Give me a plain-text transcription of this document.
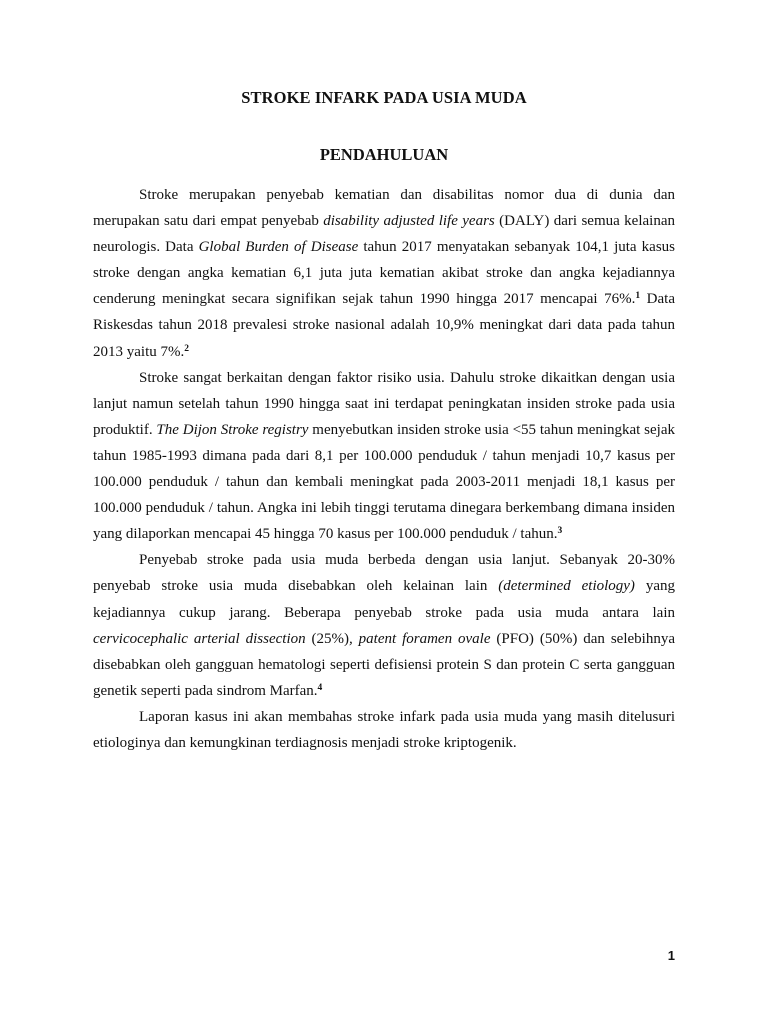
STROKE INFARK PADA USIA MUDA
PENDAHULUAN

Stroke merupakan penyebab kematian dan disabilitas nomor dua di dunia dan merupakan satu dari empat penyebab disability adjusted life years (DALY) dari semua kelainan neurologis. Data Global Burden of Disease tahun 2017 menyatakan sebanyak 104,1 juta kasus stroke dengan angka kematian 6,1 juta juta kematian akibat stroke dan angka kejadiannya cenderung meningkat secara signifikan sejak tahun 1990 hingga 2017 mencapai 76%.$^1$ Data Riskesdas tahun 2018 prevalesi stroke nasional adalah 10,9% meningkat dari data pada tahun 2013 yaitu 7%.$^2$

Stroke sangat berkaitan dengan faktor risiko usia. Dahulu stroke dikaitkan dengan usia lanjut namun setelah tahun 1990 hingga saat ini terdapat peningkatan insiden stroke pada usia produktif. The Dijon Stroke registry menyebutkan insiden stroke usia <55 tahun meningkat sejak tahun 1985-1993 dimana pada dari 8,1 per 100.000 penduduk / tahun menjadi 10,7 kasus per 100.000 penduduk / tahun dan kembali meningkat pada 2003-2011 menjadi 18,1 kasus per 100.000 penduduk / tahun. Angka ini lebih tinggi terutama dinegara berkembang dimana insiden yang dilaporkan mencapai 45 hingga 70 kasus per 100.000 penduduk / tahun.$^3$

Penyebab stroke pada usia muda berbeda dengan usia lanjut. Sebanyak 20-30% penyebab stroke usia muda disebabkan oleh kelainan lain (determined etiology) yang kejadiannya cukup jarang. Beberapa penyebab stroke pada usia muda antara lain cervicocephalic arterial dissection (25%), patent foramen ovale (PFO) (50%) dan selebihnya disebabkan oleh gangguan hematologi seperti defisiensi protein S dan protein C serta gangguan genetik seperti pada sindrom Marfan.$^4$

Laporan kasus ini akan membahas stroke infark pada usia muda yang masih ditelusuri etiologinya dan kemungkinan terdiagnosis menjadi stroke kriptogenik.

1
